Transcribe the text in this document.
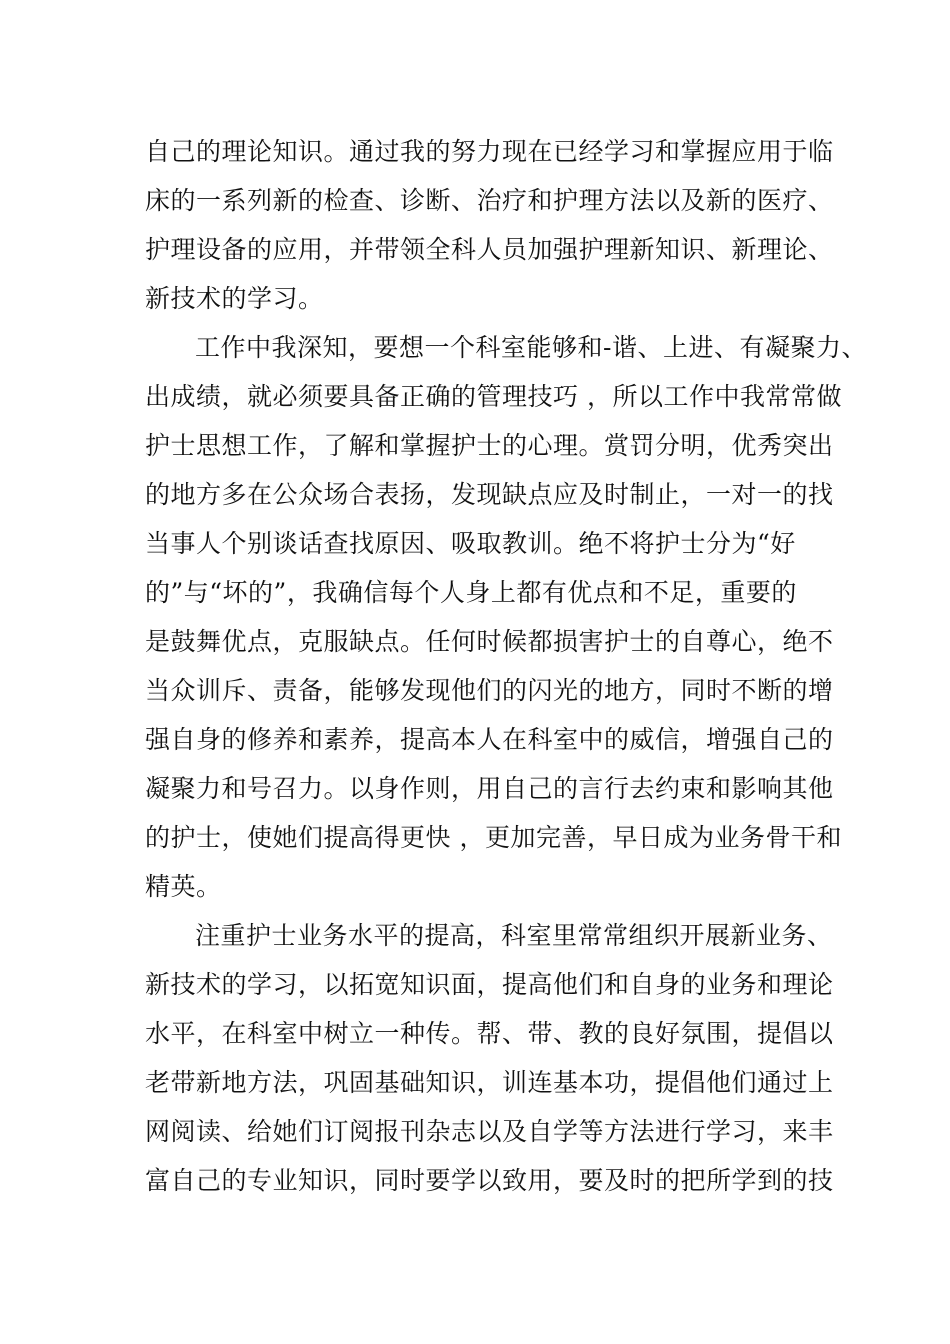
自己的理论知识。通过我的努力现在已经学习和掌握应用于临
床的一系列新的检查、诊断、治疗和护理方法以及新的医疗、
护理设备的应用，并带领全科人员加强护理新知识、新理论、
新技术的学习。
工作中我深知，要想一个科室能够和-谐、上进、有凝聚力、
出成绩，就必须要具备正确的管理技巧 ，所以工作中我常常做
护士思想工作，了解和掌握护士的心理。赏罚分明，优秀突出
的地方多在公众场合表扬，发现缺点应及时制止，一对一的找
当事人个别谈话查找原因、吸取教训。绝不将护士分为“好
的”与“坏的”，我确信每个人身上都有优点和不足，重要的
是鼓舞优点，克服缺点。任何时候都损害护士的自尊心，绝不
当众训斥、责备，能够发现他们的闪光的地方，同时不断的增
强自身的修养和素养，提高本人在科室中的威信，增强自己的
凝聚力和号召力。以身作则，用自己的言行去约束和影响其他
的护士，使她们提高得更快 ，更加完善，早日成为业务骨干和
精英。
注重护士业务水平的提高，科室里常常组织开展新业务、
新技术的学习，以拓宽知识面，提高他们和自身的业务和理论
水平，在科室中树立一种传。帮、带、教的良好氛围，提倡以
老带新地方法，巩固基础知识，训连基本功，提倡他们通过上
网阅读、给她们订阅报刊杂志以及自学等方法进行学习，来丰
富自己的专业知识，同时要学以致用，要及时的把所学到的技
